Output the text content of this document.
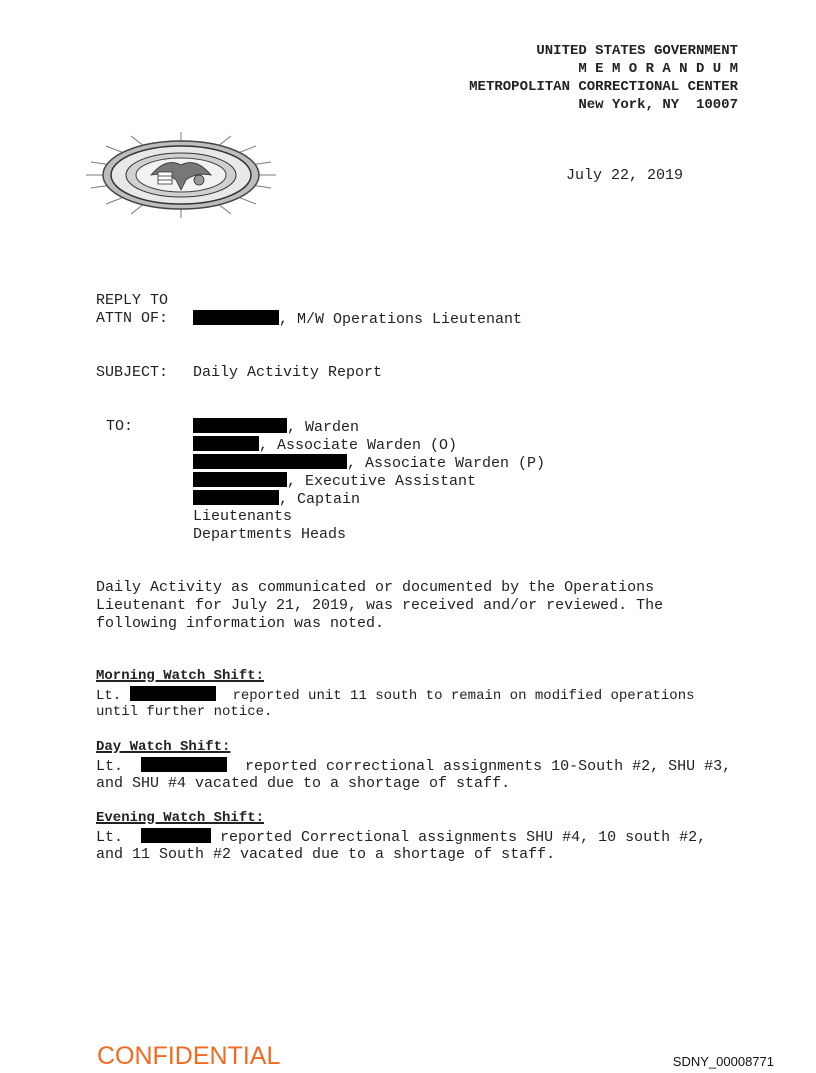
UNITED STATES GOVERNMENT
M E M O R A N D U M
METROPOLITAN CORRECTIONAL CENTER
New York, NY  10007
July 22, 2019
REPLY TO
ATTN OF:	, M/W Operations Lieutenant
SUBJECT: Daily Activity Report
TO:	, Warden
, Associate Warden (O)
, Associate Warden (P)
, Executive Assistant
, Captain
Lieutenants
Departments Heads
Daily Activity as communicated or documented by the Operations
Lieutenant for July 21, 2019, was received and/or reviewed. The
following information was noted.
Morning Watch Shift:
Lt.	reported unit 11 south to remain on modified operations
until further notice.
Day Watch Shift:
Lt.	reported correctional assignments 10-South #2, SHU #3,
and SHU #4 vacated due to a shortage of staff.
Evening Watch Shift:
Lt.	reported Correctional assignments SHU #4, 10 south #2,
and 11 South #2 vacated due to a shortage of staff.
CONFIDENTIAL	SDNY_00008771
